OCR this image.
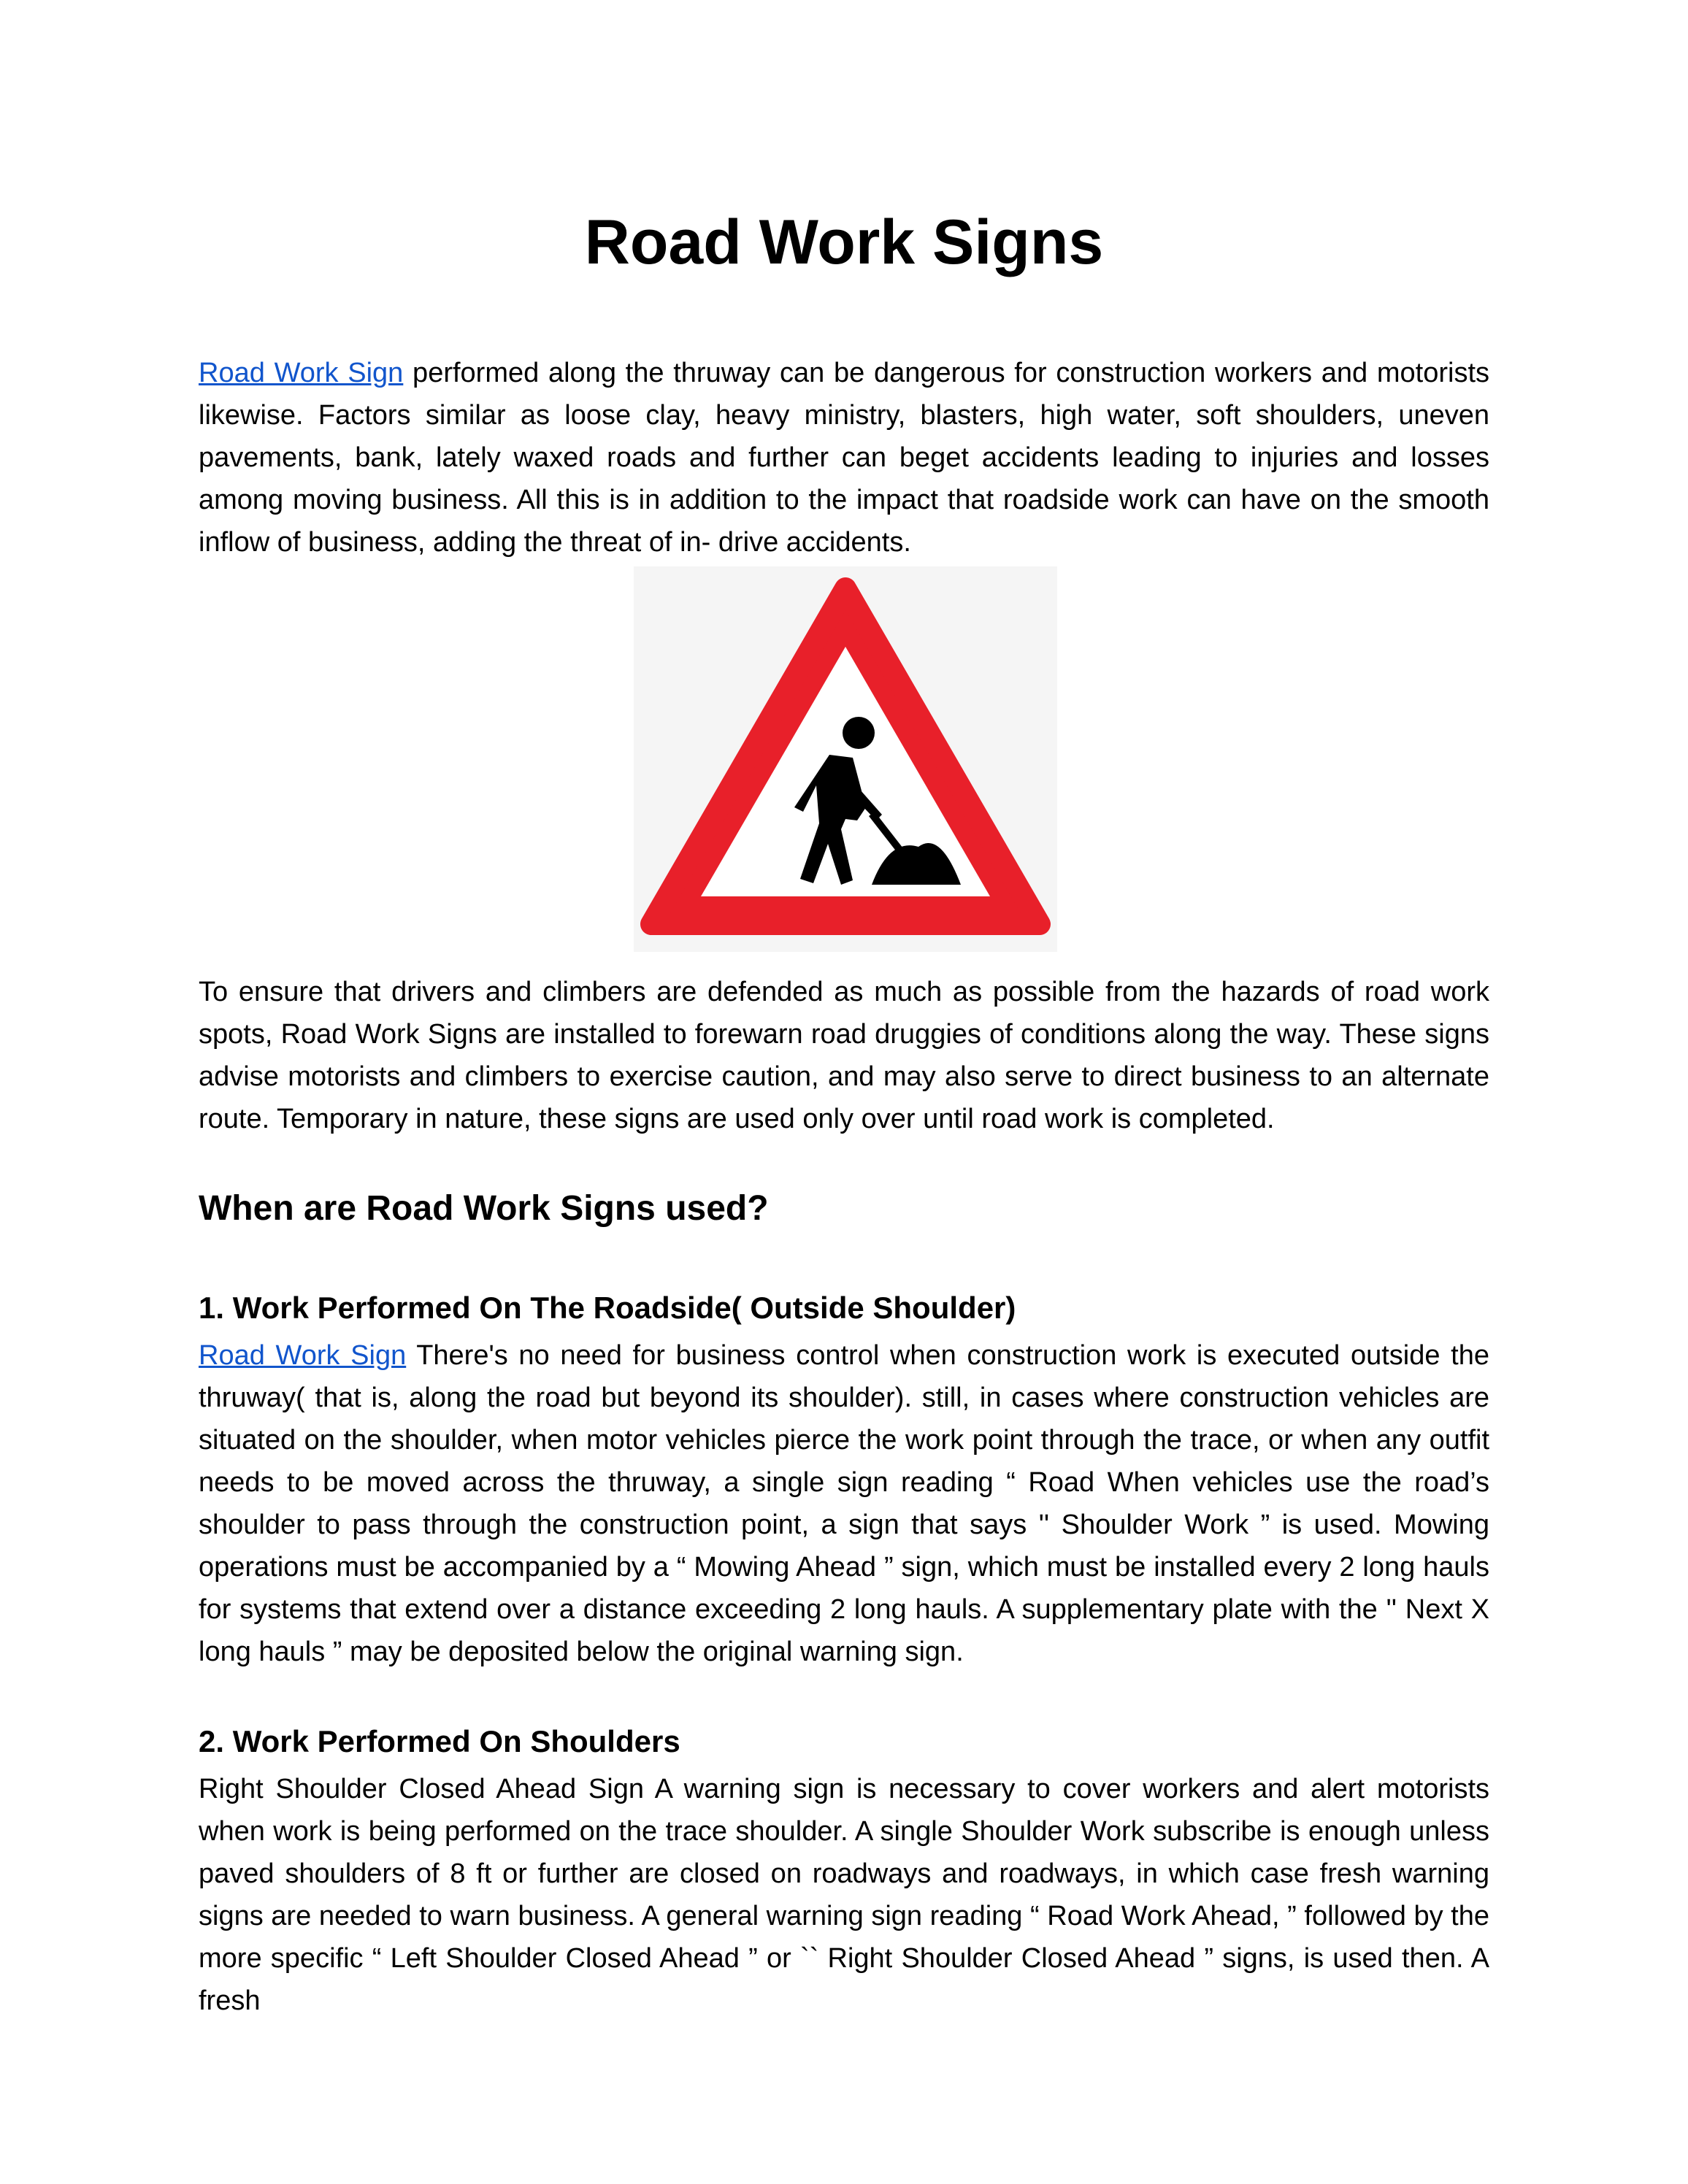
Road Work Signs

Road Work Sign performed along the thruway can be dangerous for construction workers and motorists likewise. Factors similar as loose clay, heavy ministry, blasters, high water, soft shoulders, uneven pavements, bank, lately waxed roads and further can beget accidents leading to injuries and losses among moving business. All this is in addition to the impact that roadside work can have on the smooth inflow of business, adding the threat of in- drive accidents.

To ensure that drivers and climbers are defended as much as possible from the hazards of road work spots, Road Work Signs are installed to forewarn road druggies of conditions along the way. These signs advise motorists and climbers to exercise caution, and may also serve to direct business to an alternate route. Temporary in nature, these signs are used only over until road work is completed.

When are Road Work Signs used?
1. Work Performed On The Roadside( Outside Shoulder)

Road Work Sign There's no need for business control when construction work is executed outside the thruway( that is, along the road but beyond its shoulder). still, in cases where construction vehicles are situated on the shoulder, when motor vehicles pierce the work point through the trace, or when any outfit needs to be moved across the thruway, a single sign reading “ Road When vehicles use the road’s shoulder to pass through the construction point, a sign that says '' Shoulder Work ” is used. Mowing operations must be accompanied by a “ Mowing Ahead ” sign, which must be installed every 2 long hauls for systems that extend over a distance exceeding 2 long hauls. A supplementary plate with the '' Next X long hauls ” may be deposited below the original warning sign.

2. Work Performed On Shoulders

Right Shoulder Closed Ahead Sign A warning sign is necessary to cover workers and alert motorists when work is being performed on the trace shoulder. A single Shoulder Work subscribe is enough unless paved shoulders of 8 ft or further are closed on roadways and roadways, in which case fresh warning signs are needed to warn business. A general warning sign reading “ Road Work Ahead, ” followed by the more specific “ Left Shoulder Closed Ahead ” or `` Right Shoulder Closed Ahead ” signs, is used then. A fresh
